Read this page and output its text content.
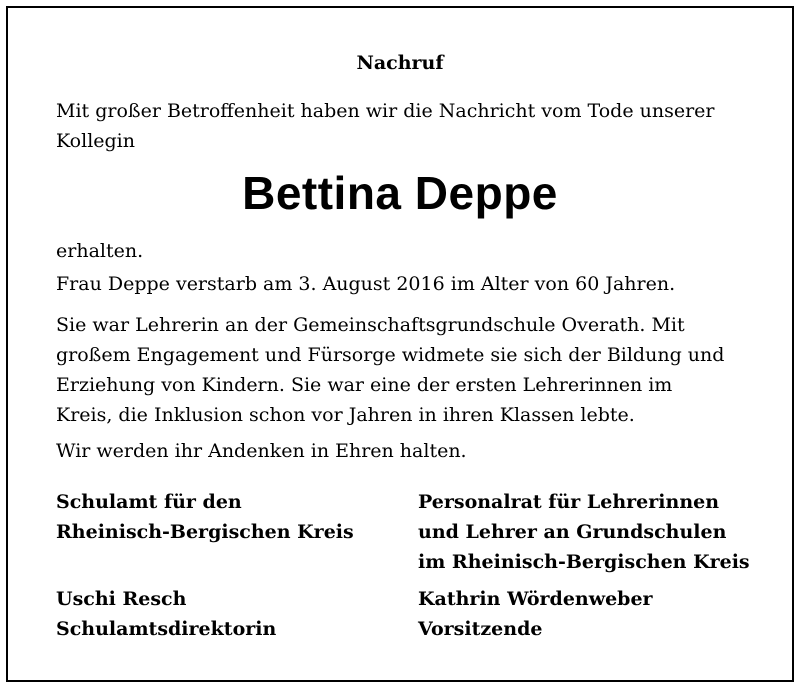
Nachruf
Mit großer Betroffenheit haben wir die Nachricht vom Tode unserer
Kollegin
Bettina Deppe
erhalten.
Frau Deppe verstarb am 3. August 2016 im Alter von 60 Jahren.
Sie war Lehrerin an der Gemeinschaftsgrundschule Overath. Mit
großem Engagement und Fürsorge widmete sie sich der Bildung und
Erziehung von Kindern. Sie war eine der ersten Lehrerinnen im
Kreis, die Inklusion schon vor Jahren in ihren Klassen lebte.
Wir werden ihr Andenken in Ehren halten.
Schulamt für den
Rheinisch-Bergischen Kreis
Personalrat für Lehrerinnen
und Lehrer an Grundschulen
im Rheinisch-Bergischen Kreis
Uschi Resch
Schulamtsdirektorin
Kathrin Wördenweber
Vorsitzende
